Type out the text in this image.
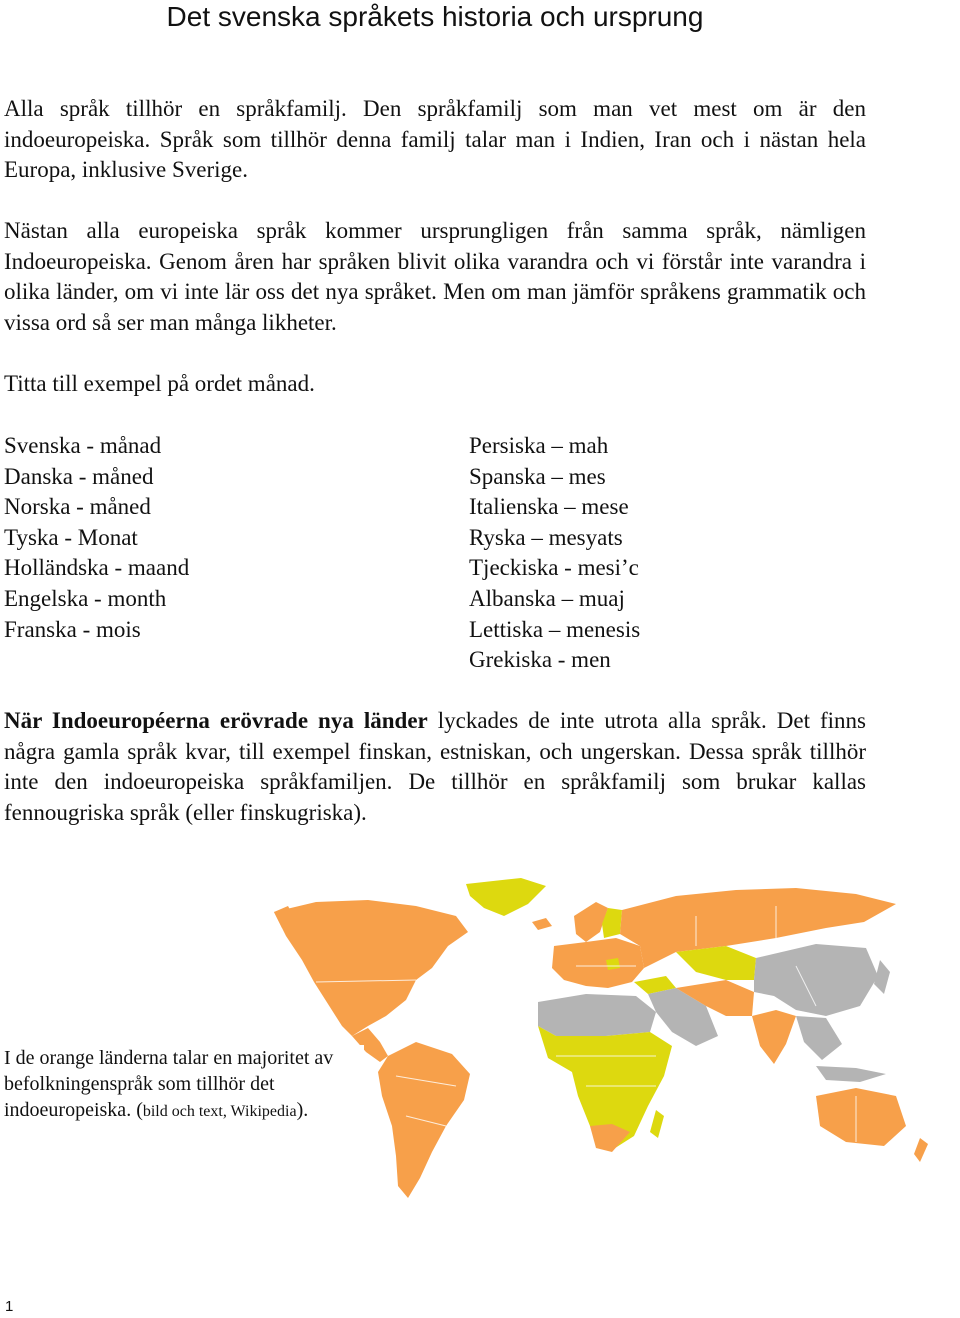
Det svenska språkets historia och ursprung

Alla språk tillhör en språkfamilj. Den språkfamilj som man vet mest om är den indoeuropeiska. Språk som tillhör denna familj talar man i Indien, Iran och i nästan hela Europa, inklusive Sverige.

Nästan alla europeiska språk kommer ursprungligen från samma språk, nämligen Indoeuropeiska. Genom åren har språken blivit olika varandra och vi förstår inte varandra i olika länder, om vi inte lär oss det nya språket. Men om man jämför språkens grammatik och vissa ord så ser man många likheter.

Titta till exempel på ordet månad.

Svenska - månad
Danska - måned
Norska - måned
Tyska - Monat
Holländska - maand
Engelska - month
Franska - mois
Persiska – mah
Spanska – mes
Italienska – mese
Ryska – mesyats
Tjeckiska - mesi’c
Albanska – muaj
Lettiska – menesis
Grekiska - men

När Indoeuropéerna erövrade nya länder lyckades de inte utrota alla språk. Det finns några gamla språk kvar, till exempel finskan, estniskan, och ungerskan. Dessa språk tillhör inte den indoeuropeiska språkfamiljen. De tillhör en språkfamilj som brukar kallas fennougriska språk (eller finskugriska).

I de orange länderna talar en majoritet av befolkningenspråk som tillhör det indoeuropeiska. (bild och text, Wikipedia).

1
